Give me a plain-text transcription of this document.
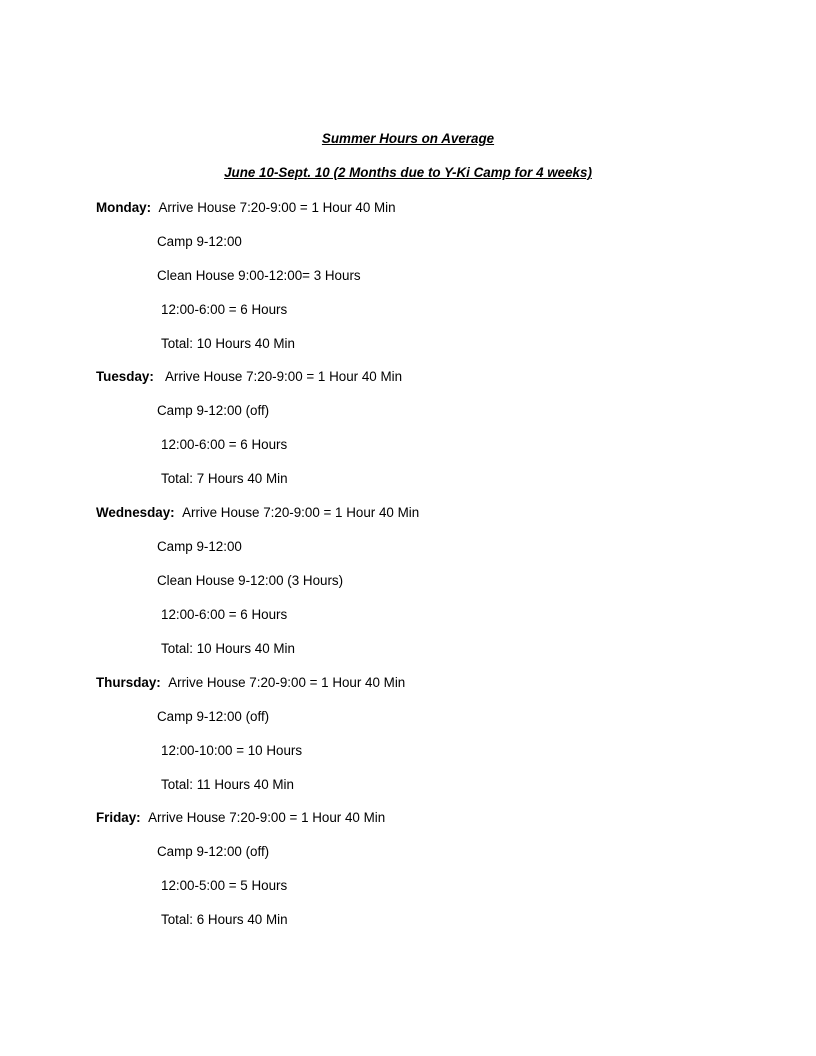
Summer Hours on Average
June 10-Sept. 10 (2 Months due to Y-Ki Camp for 4 weeks)
Monday: Arrive House 7:20-9:00 = 1 Hour 40 Min
Camp 9-12:00
Clean House 9:00-12:00= 3 Hours
12:00-6:00 = 6 Hours
Total: 10 Hours 40 Min
Tuesday: Arrive House 7:20-9:00 = 1 Hour 40 Min
Camp 9-12:00 (off)
12:00-6:00 = 6 Hours
Total: 7 Hours 40 Min
Wednesday: Arrive House 7:20-9:00 = 1 Hour 40 Min
Camp 9-12:00
Clean House 9-12:00 (3 Hours)
12:00-6:00 = 6 Hours
Total: 10 Hours 40 Min
Thursday: Arrive House 7:20-9:00 = 1 Hour 40 Min
Camp 9-12:00 (off)
12:00-10:00 = 10 Hours
Total: 11 Hours 40 Min
Friday: Arrive House 7:20-9:00 = 1 Hour 40 Min
Camp 9-12:00 (off)
12:00-5:00 = 5 Hours
Total: 6 Hours 40 Min
